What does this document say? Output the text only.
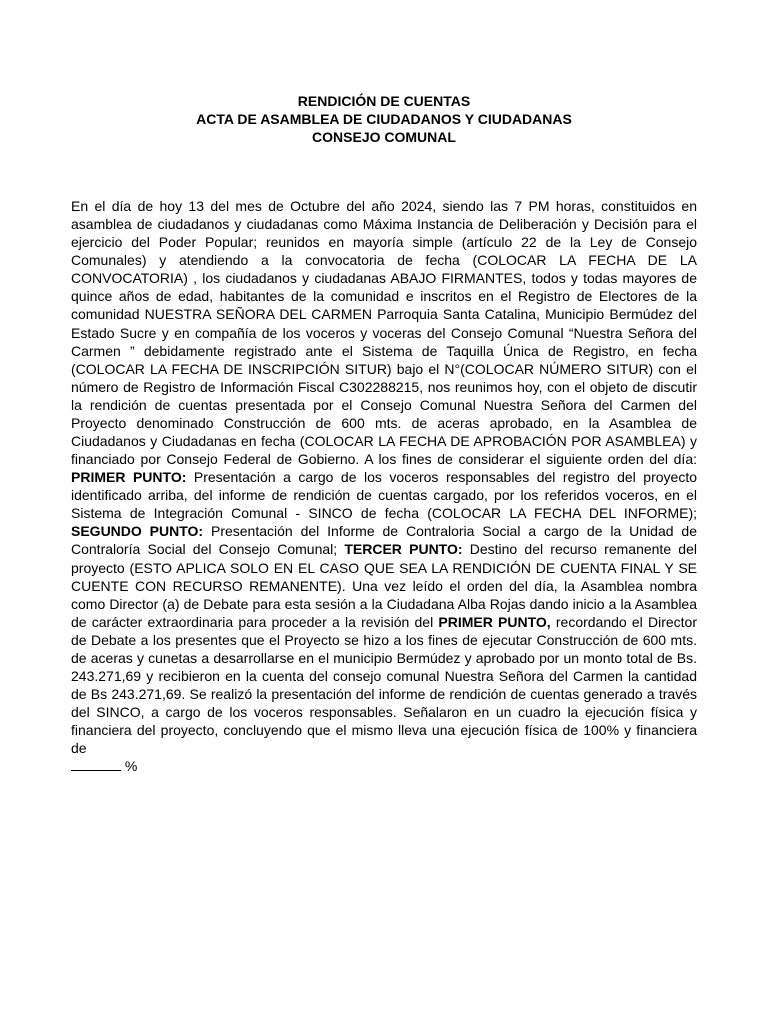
RENDICIÓN DE CUENTAS
ACTA DE ASAMBLEA DE CIUDADANOS Y CIUDADANAS
CONSEJO COMUNAL
En el día de hoy 13 del mes de Octubre del año 2024, siendo las 7 PM horas, constituidos en asamblea de ciudadanos y ciudadanas como Máxima Instancia de Deliberación y Decisión para el ejercicio del Poder Popular; reunidos en mayoría simple (artículo 22 de la Ley de Consejo Comunales) y atendiendo a la convocatoria de fecha (COLOCAR LA FECHA DE LA CONVOCATORIA) , los ciudadanos y ciudadanas ABAJO FIRMANTES, todos y todas mayores de quince años de edad, habitantes de la comunidad e inscritos en el Registro de Electores de la comunidad NUESTRA SEÑORA DEL CARMEN Parroquia Santa Catalina, Municipio Bermúdez del Estado Sucre y en compañía de los voceros y voceras del Consejo Comunal “Nuestra Señora del Carmen ” debidamente registrado ante el Sistema de Taquilla Única de Registro, en fecha (COLOCAR LA FECHA DE INSCRIPCIÓN SITUR) bajo el N°(COLOCAR NÚMERO SITUR) con el número de Registro de Información Fiscal C302288215, nos reunimos hoy, con el objeto de discutir la rendición de cuentas presentada por el Consejo Comunal Nuestra Señora del Carmen del Proyecto denominado Construcción de 600 mts. de aceras aprobado, en la Asamblea de Ciudadanos y Ciudadanas en fecha (COLOCAR LA FECHA DE APROBACIÓN POR ASAMBLEA) y financiado por Consejo Federal de Gobierno. A los fines de considerar el siguiente orden del día: PRIMER PUNTO: Presentación a cargo de los voceros responsables del registro del proyecto identificado arriba, del informe de rendición de cuentas cargado, por los referidos voceros, en el Sistema de Integración Comunal - SINCO de fecha (COLOCAR LA FECHA DEL INFORME); SEGUNDO PUNTO: Presentación del Informe de Contraloria Social a cargo de la Unidad de Contraloría Social del Consejo Comunal; TERCER PUNTO: Destino del recurso remanente del proyecto (ESTO APLICA SOLO EN EL CASO QUE SEA LA RENDICIÓN DE CUENTA FINAL Y SE CUENTE CON RECURSO REMANENTE). Una vez leído el orden del día, la Asamblea nombra como Director (a) de Debate para esta sesión a la Ciudadana Alba Rojas dando inicio a la Asamblea de carácter extraordinaria para proceder a la revisión del PRIMER PUNTO, recordando el Director de Debate a los presentes que el Proyecto se hizo a los fines de ejecutar Construcción de 600 mts. de aceras y cunetas a desarrollarse en el municipio Bermúdez y aprobado por un monto total de Bs. 243.271,69 y recibieron en la cuenta del consejo comunal Nuestra Señora del Carmen la cantidad de Bs 243.271,69. Se realizó la presentación del informe de rendición de cuentas generado a través del SINCO, a cargo de los voceros responsables. Señalaron en un cuadro la ejecución física y financiera del proyecto, concluyendo que el mismo lleva una ejecución física de 100% y financiera de
%
